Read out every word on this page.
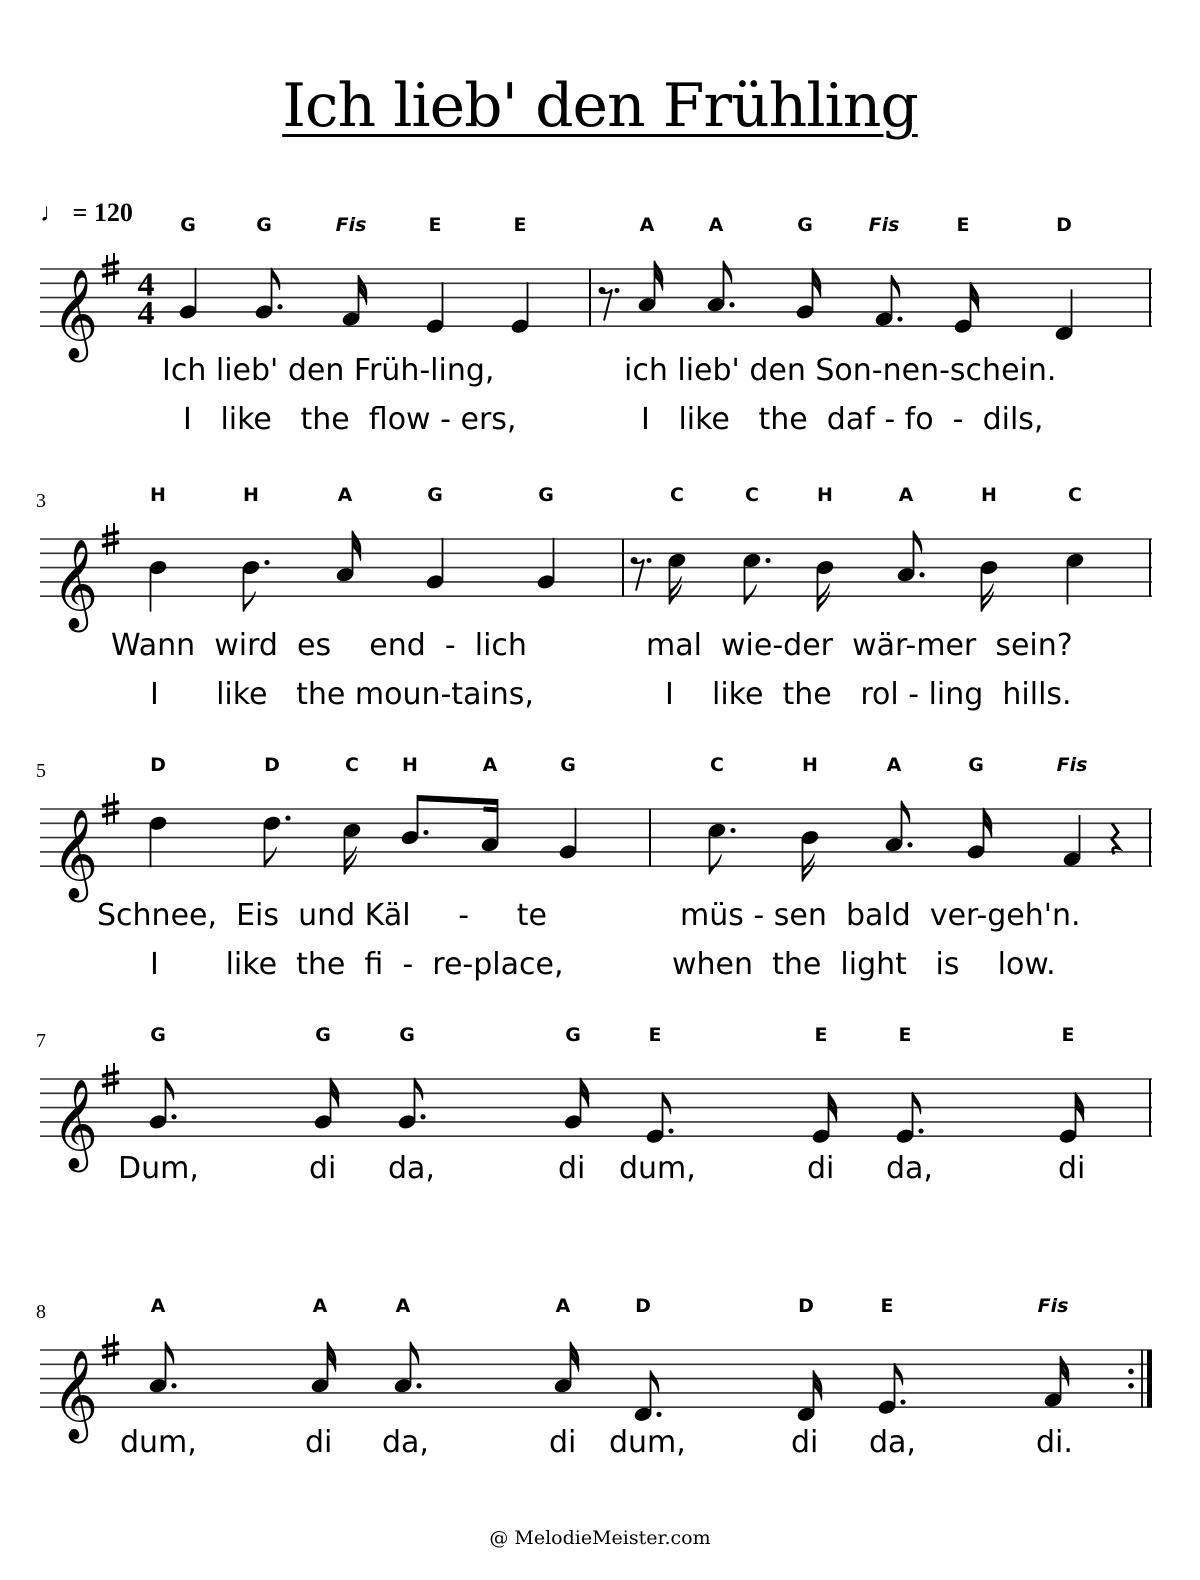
Ich lieb' den Frühling
♩ = 120
𝄞 4
4
G	G	Fis	E	E	A	A	G	Fis	E	D
Ich lieb' den Früh-ling,	ich lieb' den Son-nen-schein.
I   like   the  flow - ers,	I   like   the  daf - fo  -  dils,
3
𝄞
H	H	A	G	G	C	C	H	A	H	C
Wann  wird  es    end  -  lich	mal  wie-der  wär-mer  sein?
I      like   the moun-tains,	I    like  the   rol - ling  hills.
5
𝄞
D	D	C H	A	G	C	H	A	G	Fis
Schnee,  Eis  und Käl     -     te	müs - sen  bald  ver-geh'n.
I       like  the  fi  -  re-place,	when  the  light   is    low.
7
𝄞
G	G	G	G	E	E	E	E
Dum,	di da,	di dum,	di da,	di
8
𝄞
A	A	A	A	D	D	E	Fis
dum,	di da,	di dum,	di da,	di.
@ MelodieMeister.com
